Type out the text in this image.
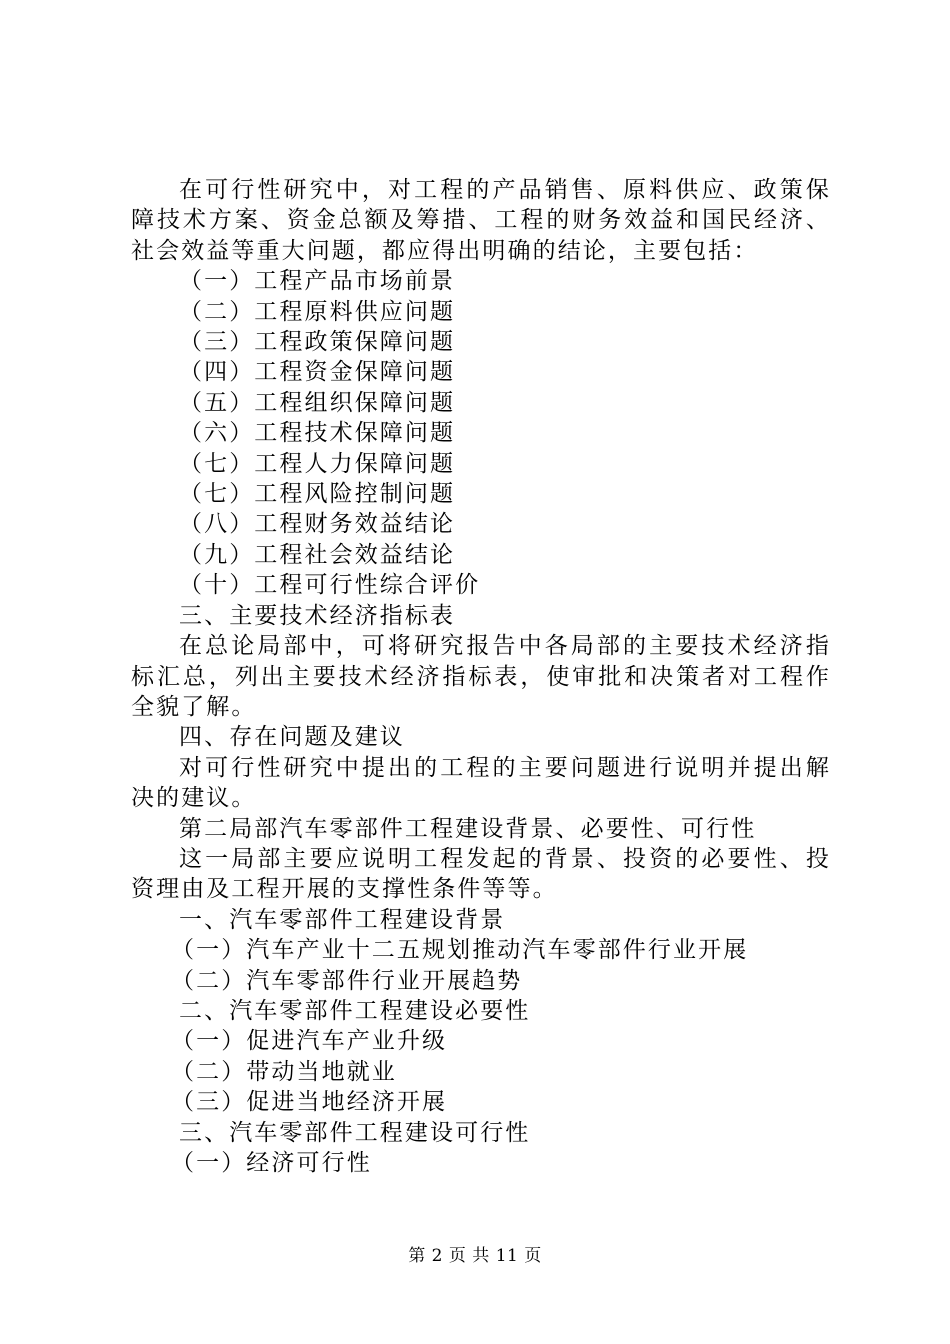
在可行性研究中，对工程的产品销售、原料供应、政策保障技术方案、资金总额及筹措、工程的财务效益和国民经济、社会效益等重大问题，都应得出明确的结论，主要包括：

（一）工程产品市场前景

（二）工程原料供应问题

（三）工程政策保障问题

（四）工程资金保障问题

（五）工程组织保障问题

（六）工程技术保障问题

（七）工程人力保障问题

（七）工程风险控制问题

（八）工程财务效益结论

（九）工程社会效益结论

（十）工程可行性综合评价

三、主要技术经济指标表

在总论局部中，可将研究报告中各局部的主要技术经济指标汇总，列出主要技术经济指标表，使审批和决策者对工程作全貌了解。

四、存在问题及建议

对可行性研究中提出的工程的主要问题进行说明并提出解决的建议。

第二局部汽车零部件工程建设背景、必要性、可行性

这一局部主要应说明工程发起的背景、投资的必要性、投资理由及工程开展的支撑性条件等等。

一、汽车零部件工程建设背景

（一）汽车产业十二五规划推动汽车零部件行业开展

（二）汽车零部件行业开展趋势

二、汽车零部件工程建设必要性

（一）促进汽车产业升级

（二）带动当地就业

（三）促进当地经济开展

三、汽车零部件工程建设可行性

（一）经济可行性

第 2 页 共 11 页
